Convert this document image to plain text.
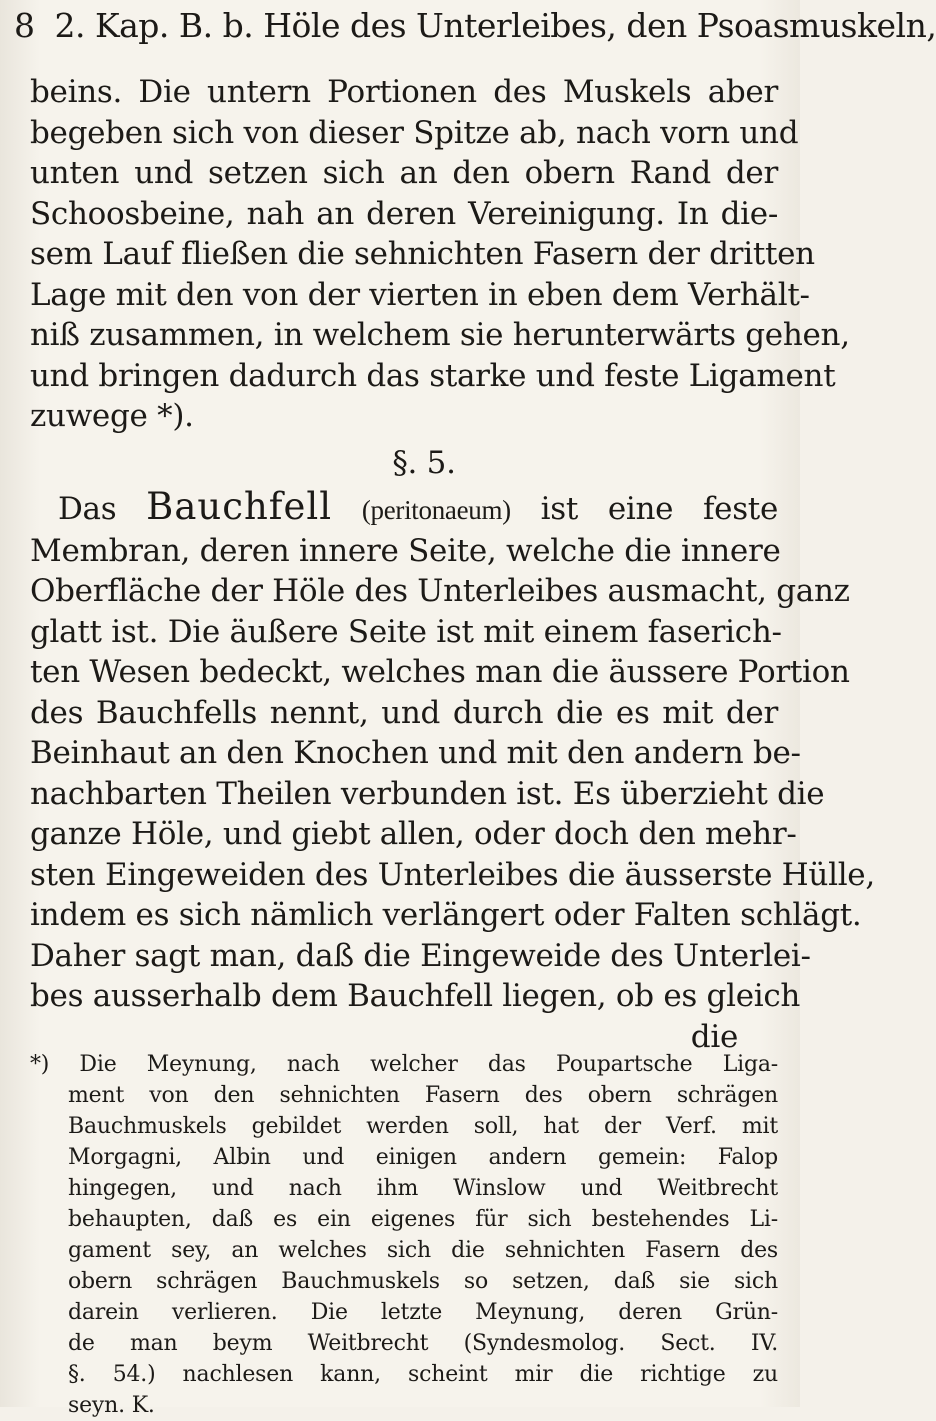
8 2. Kap. B. b. Höle des Unterleibes, den Psoasmuskeln,
beins. Die untern Portionen des Muskels aber
begeben sich von dieser Spitze ab, nach vorn und
unten und setzen sich an den obern Rand der
Schoosbeine, nah an deren Vereinigung. In die-
sem Lauf fließen die sehnichten Fasern der dritten
Lage mit den von der vierten in eben dem Verhält-
niß zusammen, in welchem sie herunterwärts gehen,
und bringen dadurch das starke und feste Ligament
zuwege *).
§. 5.
Das Bauchfell (peritonaeum) ist eine feste
Membran, deren innere Seite, welche die innere
Oberfläche der Höle des Unterleibes ausmacht, ganz
glatt ist. Die äußere Seite ist mit einem faserich-
ten Wesen bedeckt, welches man die äussere Portion
des Bauchfells nennt, und durch die es mit der
Beinhaut an den Knochen und mit den andern be-
nachbarten Theilen verbunden ist. Es überzieht die
ganze Höle, und giebt allen, oder doch den mehr-
sten Eingeweiden des Unterleibes die äusserste Hülle,
indem es sich nämlich verlängert oder Falten schlägt.
Daher sagt man, daß die Eingeweide des Unterlei-
bes ausserhalb dem Bauchfell liegen, ob es gleich
die
*) Die Meynung, nach welcher das Poupartsche Liga-
ment von den sehnichten Fasern des obern schrägen
Bauchmuskels gebildet werden soll, hat der Verf. mit
Morgagni, Albin und einigen andern gemein: Falop
hingegen, und nach ihm Winslow und Weitbrecht
behaupten, daß es ein eigenes für sich bestehendes Li-
gament sey, an welches sich die sehnichten Fasern des
obern schrägen Bauchmuskels so setzen, daß sie sich
darein verlieren. Die letzte Meynung, deren Grün-
de man beym Weitbrecht (Syndesmolog. Sect. IV.
§. 54.) nachlesen kann, scheint mir die richtige zu
seyn. K.
